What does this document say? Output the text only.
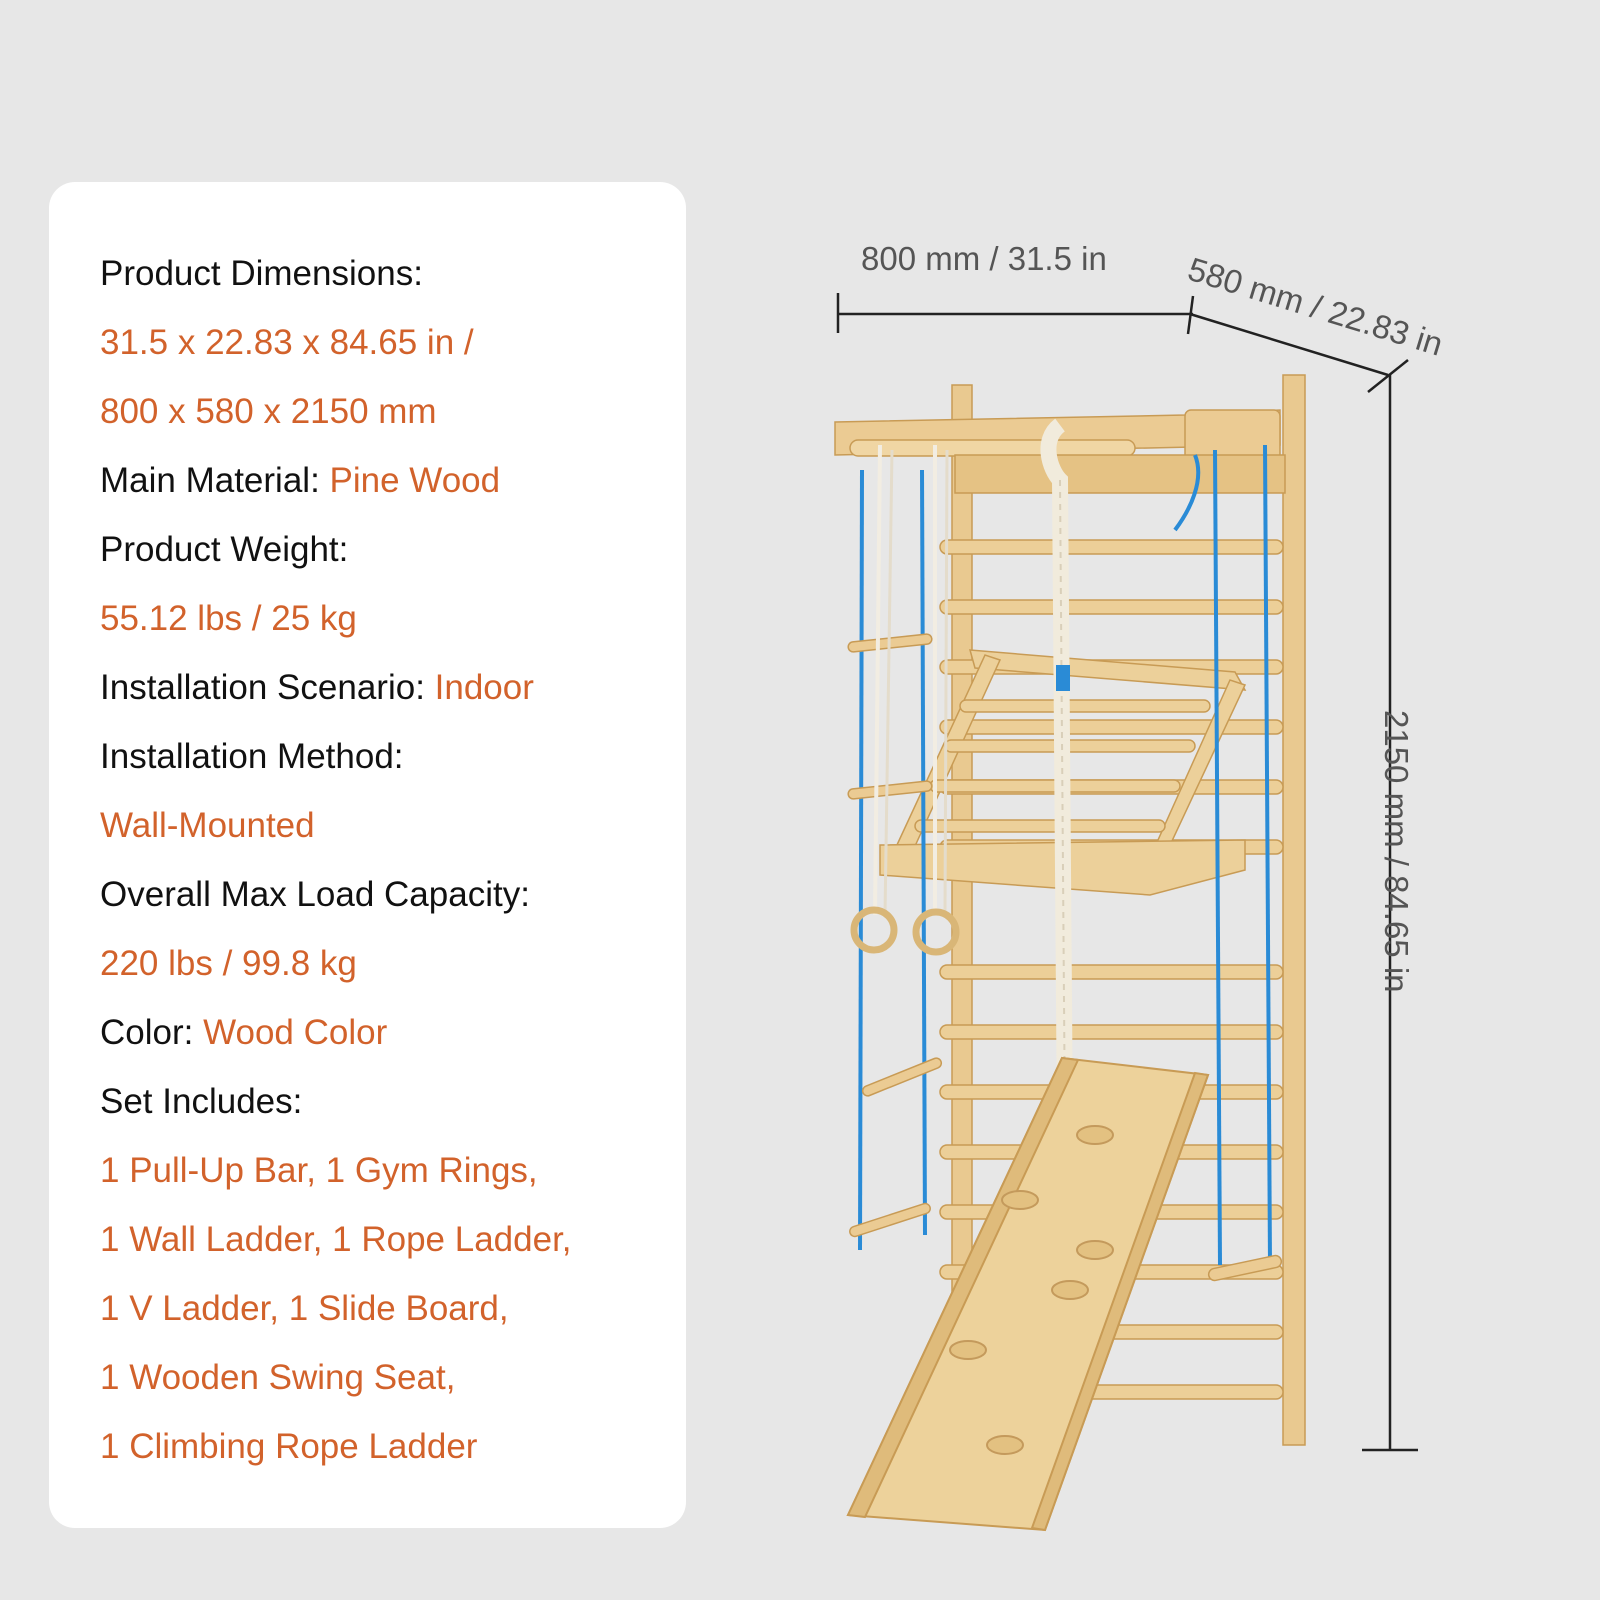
Product Dimensions:

31.5 x 22.83 x 84.65 in /

800 x 580 x 2150 mm

Main Material: Pine Wood

Product Weight:

55.12 lbs / 25 kg

Installation Scenario: Indoor

Installation Method:

Wall-Mounted

Overall Max Load Capacity:

220 lbs / 99.8 kg

Color: Wood Color

Set Includes:

1 Pull-Up Bar, 1 Gym Rings,

1 Wall Ladder, 1 Rope Ladder,

1 V Ladder, 1 Slide Board,

1 Wooden Swing Seat,

1 Climbing Rope Ladder

800 mm / 31.5 in 580 mm / 22.83 in
2150 mm / 84.65 in
